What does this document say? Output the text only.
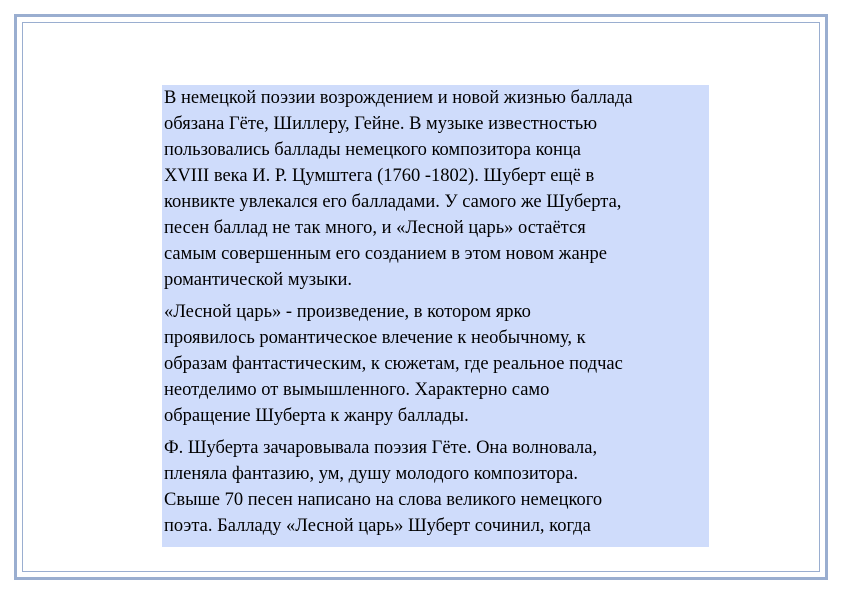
В немецкой поэзии возрождением и новой жизнью баллада
обязана Гёте, Шиллеру, Гейне. В музыке известностью
пользовались баллады немецкого композитора конца
XVIII века И. Р. Цумштега (1760 -1802). Шуберт ещё в
конвикте увлекался его балладами. У самого же Шуберта,
песен баллад не так много, и «Лесной царь» остаётся
самым совершенным его созданием в этом новом жанре
романтической музыки.

«Лесной царь» - произведение, в котором ярко
проявилось романтическое влечение к необычному, к
образам фантастическим, к сюжетам, где реальное подчас
неотделимо от вымышленного. Характерно само
обращение Шуберта к жанру баллады.

Ф. Шуберта зачаровывала поэзия Гёте. Она волновала,
пленяла фантазию, ум, душу молодого композитора.
Свыше 70 песен написано на слова великого немецкого
поэта. Балладу «Лесной царь» Шуберт сочинил, когда
